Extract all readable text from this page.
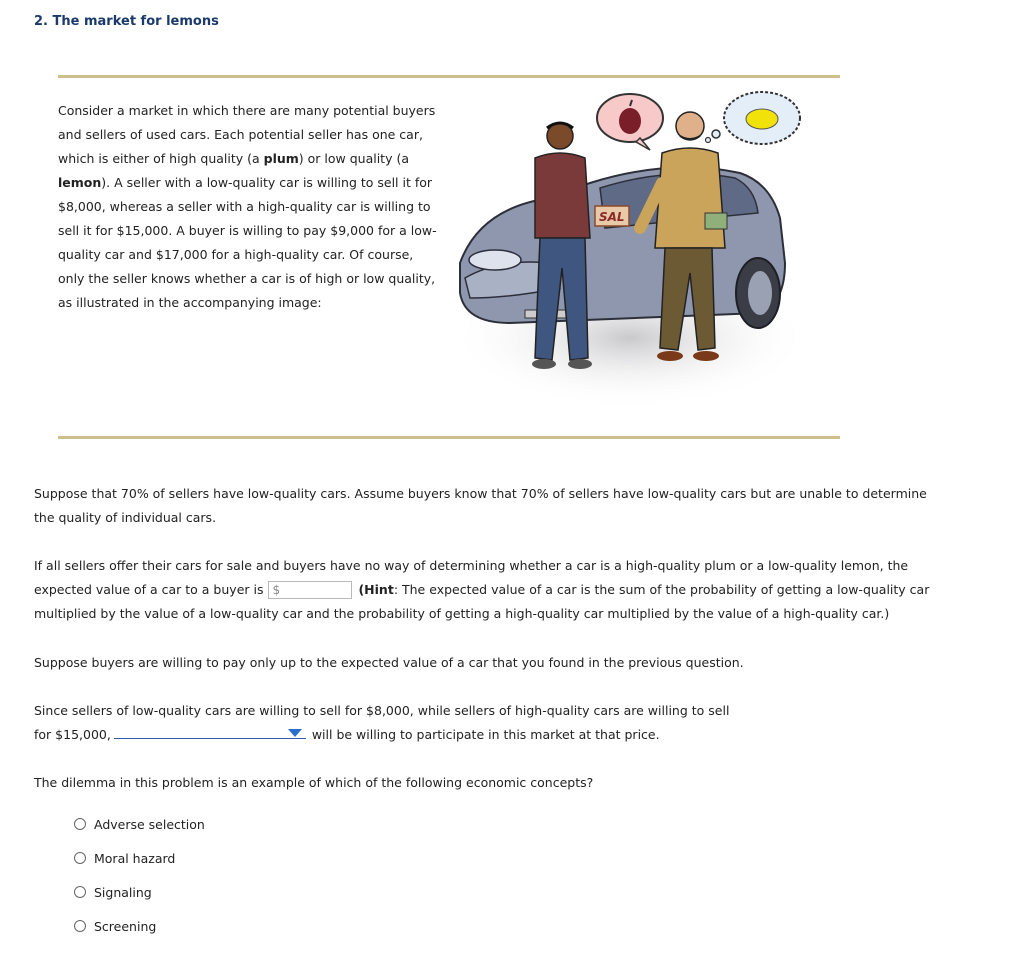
2. The market for lemons
Consider a market in which there are many potential buyers and sellers of used cars. Each potential seller has one car, which is either of high quality (a plum) or low quality (a lemon). A seller with a low-quality car is willing to sell it for $8,000, whereas a seller with a high-quality car is willing to sell it for $15,000. A buyer is willing to pay $9,000 for a low-quality car and $17,000 for a high-quality car. Of course, only the seller knows whether a car is of high or low quality, as illustrated in the accompanying image:
SAL
Suppose that 70% of sellers have low-quality cars. Assume buyers know that 70% of sellers have low-quality cars but are unable to determine the quality of individual cars.
If all sellers offer their cars for sale and buyers have no way of determining whether a car is a high-quality plum or a low-quality lemon, the expected value of a car to a buyer is $	(Hint: The expected value of a car is the sum of the probability of getting a low-quality car multiplied by the value of a low-quality car and the probability of getting a high-quality car multiplied by the value of a high-quality car.)
Suppose buyers are willing to pay only up to the expected value of a car that you found in the previous question.
Since sellers of low-quality cars are willing to sell for $8,000, while sellers of high-quality cars are willing to sell for $15,000,	will be willing to participate in this market at that price.
The dilemma in this problem is an example of which of the following economic concepts?
Adverse selection
Moral hazard
Signaling
Screening
